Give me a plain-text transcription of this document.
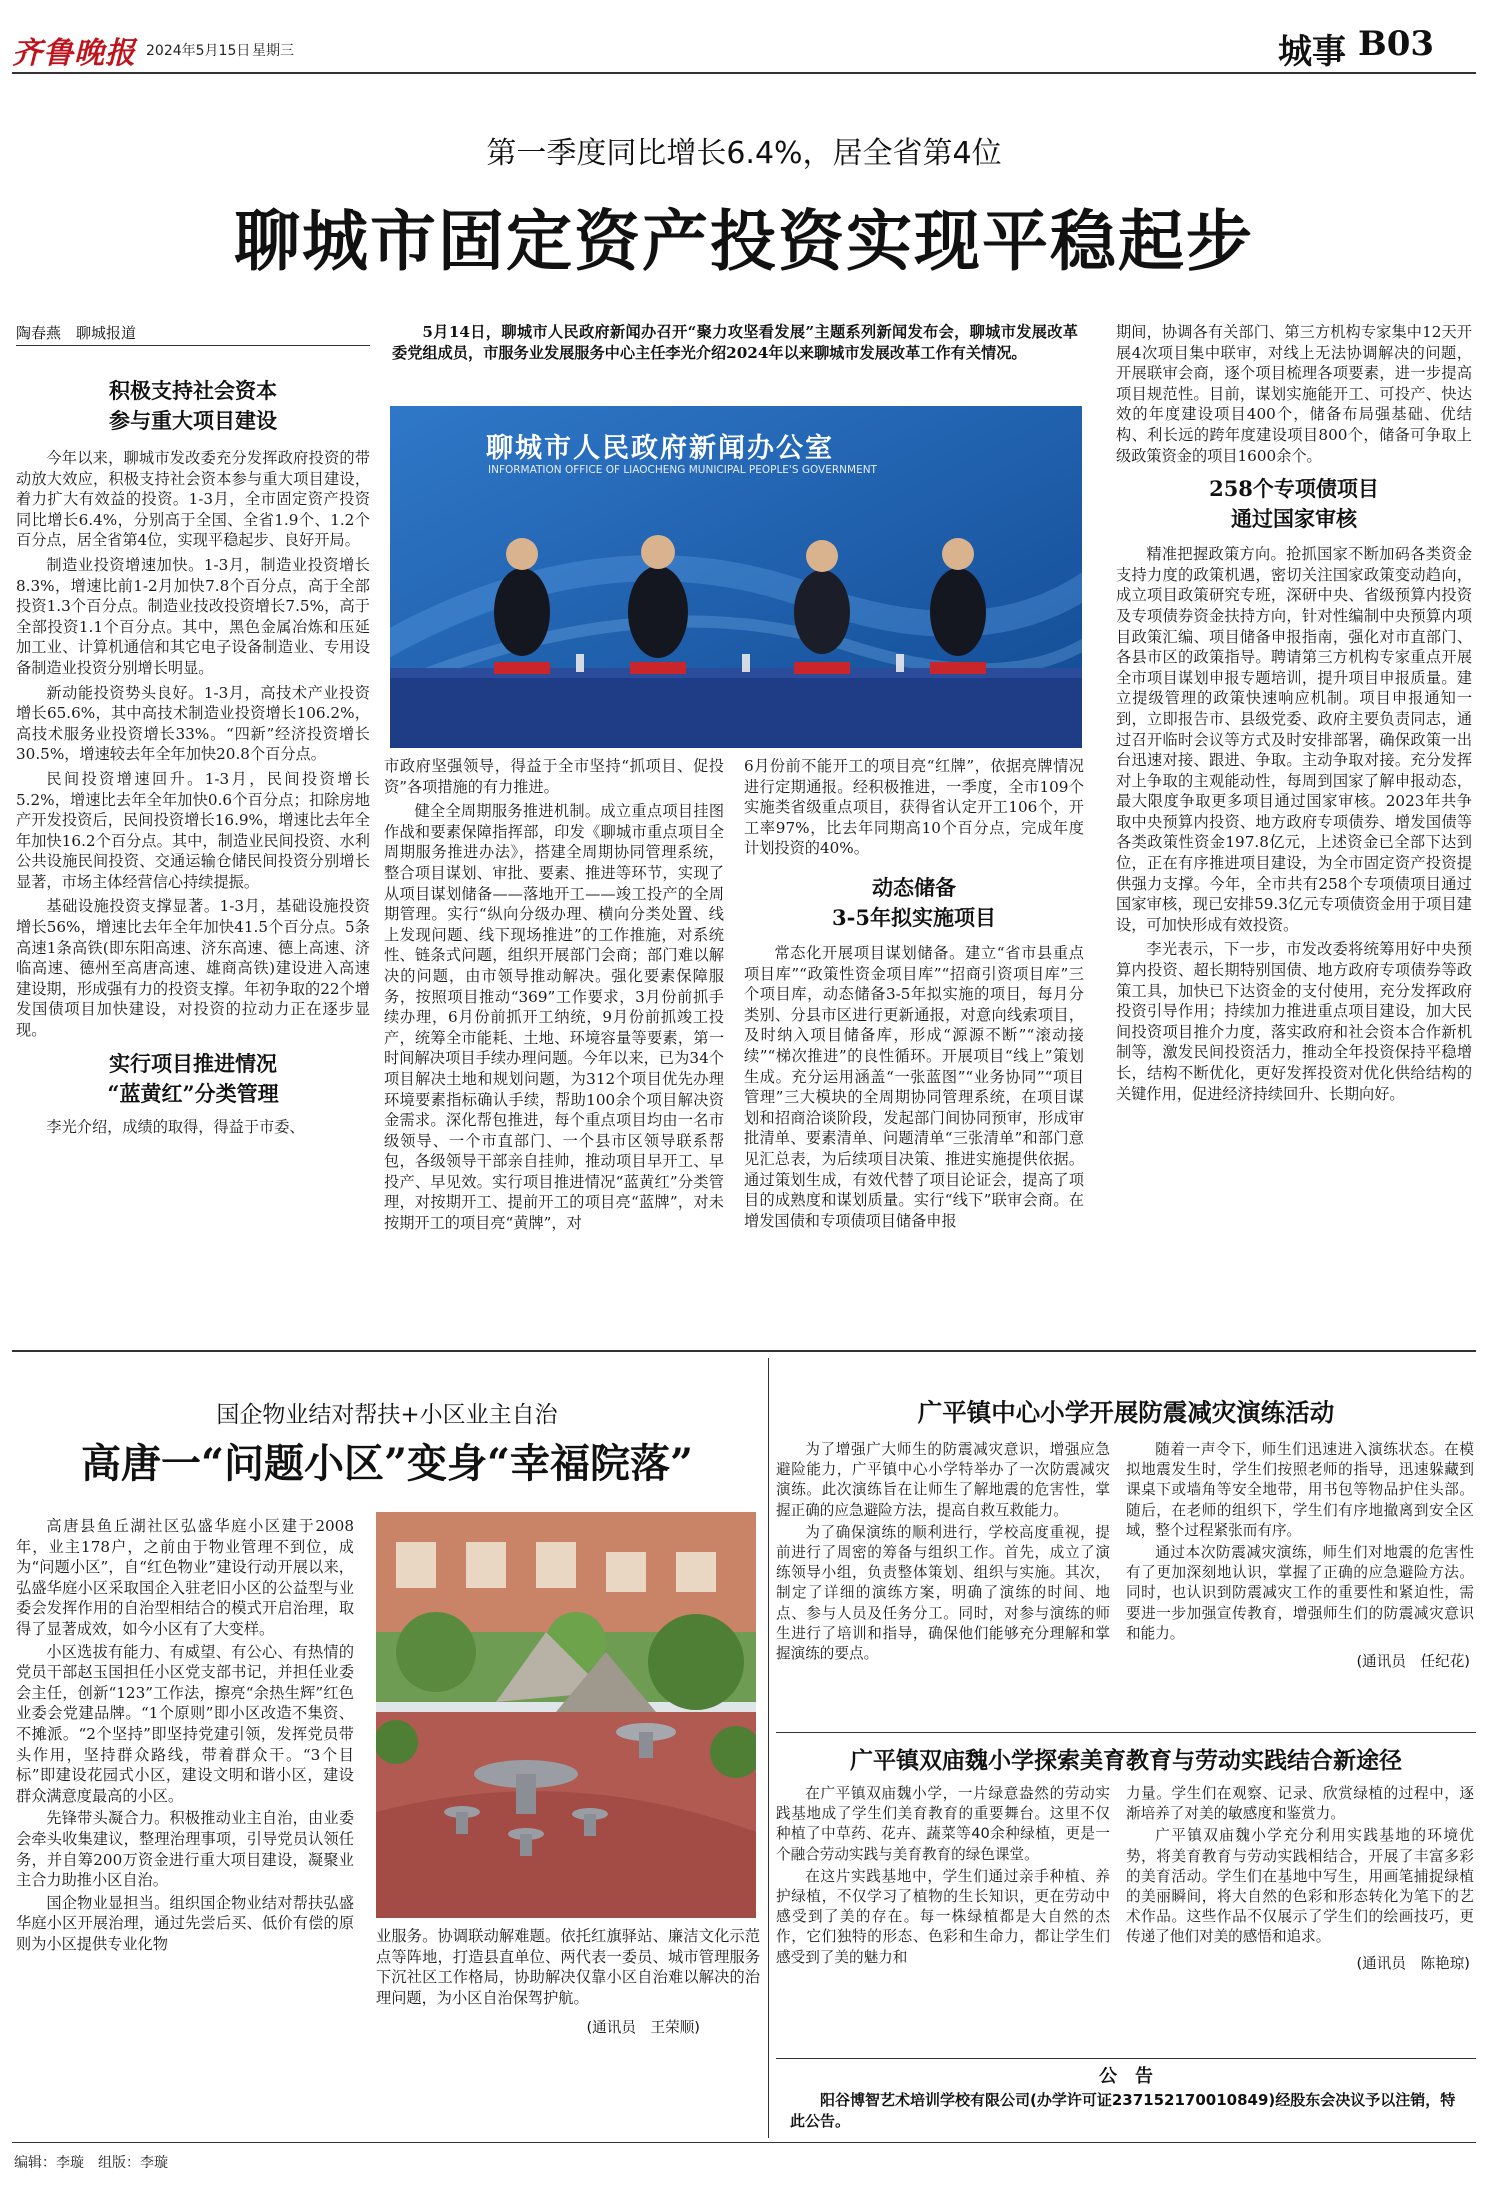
齐鲁晚报 2024年5月15日 星期三	城事 B03
第一季度同比增长6.4%，居全省第4位
聊城市固定资产投资实现平稳起步
陶春燕　聊城报道
积极支持社会资本
参与重大项目建设
今年以来，聊城市发改委充分发挥政府投资的带动放大效应，积极支持社会资本参与重大项目建设，着力扩大有效益的投资。1-3月，全市固定资产投资同比增长6.4%，分别高于全国、全省1.9个、1.2个百分点，居全省第4位，实现平稳起步、良好开局。
制造业投资增速加快。1-3月，制造业投资增长8.3%，增速比前1-2月加快7.8个百分点，高于全部投资1.3个百分点。制造业技改投资增长7.5%，高于全部投资1.1个百分点。其中，黑色金属冶炼和压延加工业、计算机通信和其它电子设备制造业、专用设备制造业投资分别增长明显。
新动能投资势头良好。1-3月，高技术产业投资增长65.6%，其中高技术制造业投资增长106.2%，高技术服务业投资增长33%。“四新”经济投资增长30.5%，增速较去年全年加快20.8个百分点。
民间投资增速回升。1-3月，民间投资增长5.2%，增速比去年全年加快0.6个百分点；扣除房地产开发投资后，民间投资增长16.9%，增速比去年全年加快16.2个百分点。其中，制造业民间投资、水利公共设施民间投资、交通运输仓储民间投资分别增长显著，市场主体经营信心持续提振。
基础设施投资支撑显著。1-3月，基础设施投资增长56%，增速比去年全年加快41.5个百分点。5条高速1条高铁(即东阳高速、济东高速、德上高速、济临高速、德州至高唐高速、雄商高铁)建设进入高速建设期，形成强有力的投资支撑。年初争取的22个增发国债项目加快建设，对投资的拉动力正在逐步显现。
实行项目推进情况
“蓝黄红”分类管理
李光介绍，成绩的取得，得益于市委、
5月14日，聊城市人民政府新闻办召开“聚力攻坚看发展”主题系列新闻发布会，聊城市发展改革委党组成员，市服务业发展服务中心主任李光介绍2024年以来聊城市发展改革工作有关情况。
聊城市人民政府新闻办公室
INFORMATION OFFICE OF LIAOCHENG MUNICIPAL PEOPLE'S GOVERNMENT
市政府坚强领导，得益于全市坚持“抓项目、促投资”各项措施的有力推进。
健全全周期服务推进机制。成立重点项目挂图作战和要素保障指挥部，印发《聊城市重点项目全周期服务推进办法》，搭建全周期协同管理系统，整合项目谋划、审批、要素、推进等环节，实现了从项目谋划储备——落地开工——竣工投产的全周期管理。实行“纵向分级办理、横向分类处置、线上发现问题、线下现场推进”的工作推施，对系统性、链条式问题，组织开展部门会商；部门难以解决的问题，由市领导推动解决。强化要素保障服务，按照项目推动“369”工作要求，3月份前抓手续办理，6月份前抓开工纳统，9月份前抓竣工投产，统筹全市能耗、土地、环境容量等要素，第一时间解决项目手续办理问题。今年以来，已为34个项目解决土地和规划问题，为312个项目优先办理环境要素指标确认手续，帮助100余个项目解决资金需求。深化帮包推进，每个重点项目均由一名市级领导、一个市直部门、一个县市区领导联系帮包，各级领导干部亲自挂帅，推动项目早开工、早投产、早见效。实行项目推进情况“蓝黄红”分类管理，对按期开工、提前开工的项目亮“蓝牌”，对未按期开工的项目亮“黄牌”，对
6月份前不能开工的项目亮“红牌”，依据亮牌情况进行定期通报。经积极推进，一季度，全市109个实施类省级重点项目，获得省认定开工106个，开工率97%，比去年同期高10个百分点，完成年度计划投资的40%。
动态储备
3-5年拟实施项目
常态化开展项目谋划储备。建立“省市县重点项目库”“政策性资金项目库”“招商引资项目库”三个项目库，动态储备3-5年拟实施的项目，每月分类别、分县市区进行更新通报，对意向线索项目，及时纳入项目储备库，形成“源源不断”“滚动接续”“梯次推进”的良性循环。开展项目“线上”策划生成。充分运用涵盖“一张蓝图”“业务协同”“项目管理”三大模块的全周期协同管理系统，在项目谋划和招商洽谈阶段，发起部门间协同预审，形成审批清单、要素清单、问题清单“三张清单”和部门意见汇总表，为后续项目决策、推进实施提供依据。通过策划生成，有效代替了项目论证会，提高了项目的成熟度和谋划质量。实行“线下”联审会商。在增发国债和专项债项目储备申报
期间，协调各有关部门、第三方机构专家集中12天开展4次项目集中联审，对线上无法协调解决的问题，开展联审会商，逐个项目梳理各项要素，进一步提高项目规范性。目前，谋划实施能开工、可投产、快达效的年度建设项目400个，储备布局强基础、优结构、利长远的跨年度建设项目800个，储备可争取上级政策资金的项目1600余个。
258个专项债项目
通过国家审核
精准把握政策方向。抢抓国家不断加码各类资金支持力度的政策机遇，密切关注国家政策变动趋向，成立项目政策研究专班，深研中央、省级预算内投资及专项债券资金扶持方向，针对性编制中央预算内项目政策汇编、项目储备申报指南，强化对市直部门、各县市区的政策指导。聘请第三方机构专家重点开展全市项目谋划申报专题培训，提升项目申报质量。建立提级管理的政策快速响应机制。项目申报通知一到，立即报告市、县级党委、政府主要负责同志，通过召开临时会议等方式及时安排部署，确保政策一出台迅速对接、跟进、争取。主动争取对接。充分发挥对上争取的主观能动性，每周到国家了解申报动态，最大限度争取更多项目通过国家审核。2023年共争取中央预算内投资、地方政府专项债券、增发国债等各类政策性资金197.8亿元，上述资金已全部下达到位，正在有序推进项目建设，为全市固定资产投资提供强力支撑。今年，全市共有258个专项债项目通过国家审核，现已安排59.3亿元专项债资金用于项目建设，可加快形成有效投资。
李光表示，下一步，市发改委将统筹用好中央预算内投资、超长期特别国债、地方政府专项债券等政策工具，加快已下达资金的支付使用，充分发挥政府投资引导作用；持续加力推进重点项目建设，加大民间投资项目推介力度，落实政府和社会资本合作新机制等，激发民间投资活力，推动全年投资保持平稳增长，结构不断优化，更好发挥投资对优化供给结构的关键作用，促进经济持续回升、长期向好。
国企物业结对帮扶+小区业主自治
高唐一“问题小区”变身“幸福院落”
高唐县鱼丘湖社区弘盛华庭小区建于2008年，业主178户，之前由于物业管理不到位，成为“问题小区”，自“红色物业”建设行动开展以来，弘盛华庭小区采取国企入驻老旧小区的公益型与业委会发挥作用的自治型相结合的模式开启治理，取得了显著成效，如今小区有了大变样。
小区选拔有能力、有威望、有公心、有热情的党员干部赵玉国担任小区党支部书记，并担任业委会主任，创新“123”工作法，擦亮“余热生辉”红色业委会党建品牌。“1个原则”即小区改造不集资、不摊派。“2个坚持”即坚持党建引领，发挥党员带头作用，坚持群众路线，带着群众干。“3个目标”即建设花园式小区，建设文明和谐小区，建设群众满意度最高的小区。
先锋带头凝合力。积极推动业主自治，由业委会牵头收集建议，整理治理事项，引导党员认领任务，并自筹200万资金进行重大项目建设，凝聚业主合力助推小区自治。
国企物业显担当。组织国企物业结对帮扶弘盛华庭小区开展治理，通过先尝后买、低价有偿的原则为小区提供专业化物	业服务。协调联动解难题。依托红旗驿站、廉洁文化示范点等阵地，打造县直单位、两代表一委员、城市管理服务下沉社区工作格局，协助解决仅靠小区自治难以解决的治理问题，为小区自治保驾护航。
(通讯员　王荣顺)
广平镇中心小学开展防震减灾演练活动
为了增强广大师生的防震减灾意识，增强应急避险能力，广平镇中心小学特举办了一次防震减灾演练。此次演练旨在让师生了解地震的危害性，掌握正确的应急避险方法，提高自救互救能力。
为了确保演练的顺利进行，学校高度重视，提前进行了周密的筹备与组织工作。首先，成立了演练领导小组，负责整体策划、组织与实施。其次，制定了详细的演练方案，明确了演练的时间、地点、参与人员及任务分工。同时，对参与演练的师生进行了培训和指导，确保他们能够充分理解和掌握演练的要点。
随着一声令下，师生们迅速进入演练状态。在模拟地震发生时，学生们按照老师的指导，迅速躲藏到课桌下或墙角等安全地带，用书包等物品护住头部。随后，在老师的组织下，学生们有序地撤离到安全区域，整个过程紧张而有序。
通过本次防震减灾演练，师生们对地震的危害性有了更加深刻地认识，掌握了正确的应急避险方法。同时，也认识到防震减灾工作的重要性和紧迫性，需要进一步加强宣传教育，增强师生们的防震减灾意识和能力。
(通讯员　任纪花)
广平镇双庙魏小学探索美育教育与劳动实践结合新途径
在广平镇双庙魏小学，一片绿意盎然的劳动实践基地成了学生们美育教育的重要舞台。这里不仅种植了中草药、花卉、蔬菜等40余种绿植，更是一个融合劳动实践与美育教育的绿色课堂。
在这片实践基地中，学生们通过亲手种植、养护绿植，不仅学习了植物的生长知识，更在劳动中感受到了美的存在。每一株绿植都是大自然的杰作，它们独特的形态、色彩和生命力，都让学生们感受到了美的魅力和
力量。学生们在观察、记录、欣赏绿植的过程中，逐渐培养了对美的敏感度和鉴赏力。
广平镇双庙魏小学充分利用实践基地的环境优势，将美育教育与劳动实践相结合，开展了丰富多彩的美育活动。学生们在基地中写生，用画笔捕捉绿植的美丽瞬间，将大自然的色彩和形态转化为笔下的艺术作品。这些作品不仅展示了学生们的绘画技巧，更传递了他们对美的感悟和追求。
(通讯员　陈艳琼)
公　告
阳谷博智艺术培训学校有限公司(办学许可证237152170010849)经股东会决议予以注销，特此公告。
编辑：李璇　组版：李璇
